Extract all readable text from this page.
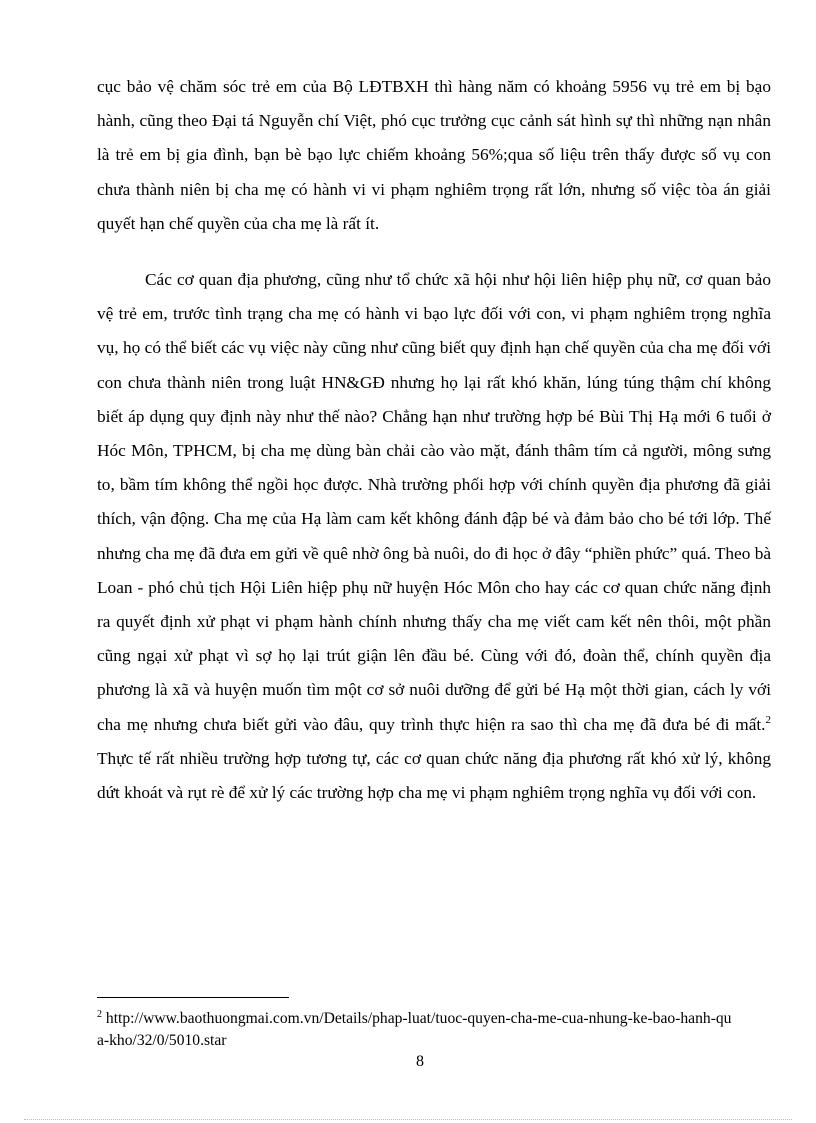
cục bảo vệ chăm sóc trẻ em của Bộ LĐTBXH thì hàng năm có khoảng 5956 vụ trẻ em bị bạo hành, cũng theo Đại tá Nguyễn chí Việt, phó cục trưởng cục cảnh sát hình sự thì những nạn nhân là trẻ em bị gia đình, bạn bè bạo lực chiếm khoảng 56%;qua số liệu trên thấy được số vụ con chưa thành niên bị cha mẹ có hành vi vi phạm nghiêm trọng rất lớn, nhưng số việc tòa án giải quyết hạn chế quyền của cha mẹ là rất ít.

Các cơ quan địa phương, cũng như tổ chức xã hội như hội liên hiệp phụ nữ, cơ quan bảo vệ trẻ em, trước tình trạng cha mẹ có hành vi bạo lực đối với con, vi phạm nghiêm trọng nghĩa vụ, họ có thể biết các vụ việc này cũng như cũng biết quy định hạn chế quyền của cha mẹ đối với con chưa thành niên trong luật HN&GĐ nhưng họ lại rất khó khăn, lúng túng thậm chí không biết áp dụng quy định này như thế nào? Chẳng hạn như trường hợp bé Bùi Thị Hạ mới 6 tuổi ở Hóc Môn, TPHCM, bị cha mẹ dùng bàn chải cào vào mặt, đánh thâm tím cả người, mông sưng to, bầm tím không thể ngồi học được. Nhà trường phối hợp với chính quyền địa phương đã giải thích, vận động. Cha mẹ của Hạ làm cam kết không đánh đập bé và đảm bảo cho bé tới lớp. Thế nhưng cha mẹ đã đưa em gửi về quê nhờ ông bà nuôi, do đi học ở đây “phiền phức” quá. Theo bà Loan - phó chủ tịch Hội Liên hiệp phụ nữ huyện Hóc Môn cho hay các cơ quan chức năng định ra quyết định xử phạt vi phạm hành chính nhưng thấy cha mẹ viết cam kết nên thôi, một phần cũng ngại xử phạt vì sợ họ lại trút giận lên đầu bé. Cùng với đó, đoàn thể, chính quyền địa phương là xã và huyện muốn tìm một cơ sở nuôi dưỡng để gửi bé Hạ một thời gian, cách ly với cha mẹ nhưng chưa biết gửi vào đâu, quy trình thực hiện ra sao thì cha mẹ đã đưa bé đi mất.$^2$ Thực tế rất nhiều trường hợp tương tự, các cơ quan chức năng địa phương rất khó xử lý, không dứt khoát và rụt rè để xử lý các trường hợp cha mẹ vi phạm nghiêm trọng nghĩa vụ đối với con.

$^2$ http://www.baothuongmai.com.vn/Details/phap-luat/tuoc-quyen-cha-me-cua-nhung-ke-bao-hanh-qua-kho/32/0/5010.star

8
